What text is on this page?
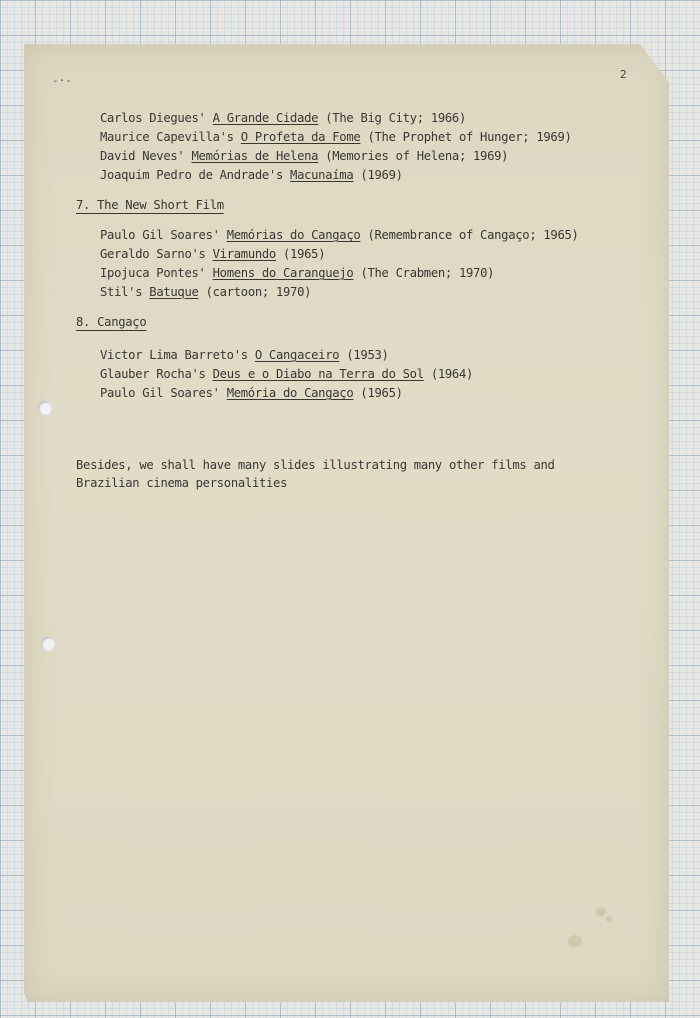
2
-·-
Carlos Diegues' A Grande Cidade (The Big City; 1966)
Maurice Capevilla's O Profeta da Fome (The Prophet of Hunger; 1969)
David Neves' Memórias de Helena (Memories of Helena; 1969)
Joaquim Pedro de Andrade's Macunaíma (1969)
7. The New Short Film
Paulo Gil Soares' Memórias do Cangaço (Remembrance of Cangaço; 1965)
Geraldo Sarno's Viramundo (1965)
Ipojuca Pontes' Homens do Caranguejo (The Crabmen; 1970)
Stil's Batuque (cartoon; 1970)
8. Cangaço
Victor Lima Barreto's O Cangaceiro (1953)
Glauber Rocha's Deus e o Diabo na Terra do Sol (1964)
Paulo Gil Soares' Memória do Cangaço (1965)
Besides, we shall have many slides illustrating many other films and
Brazilian cinema personalities
